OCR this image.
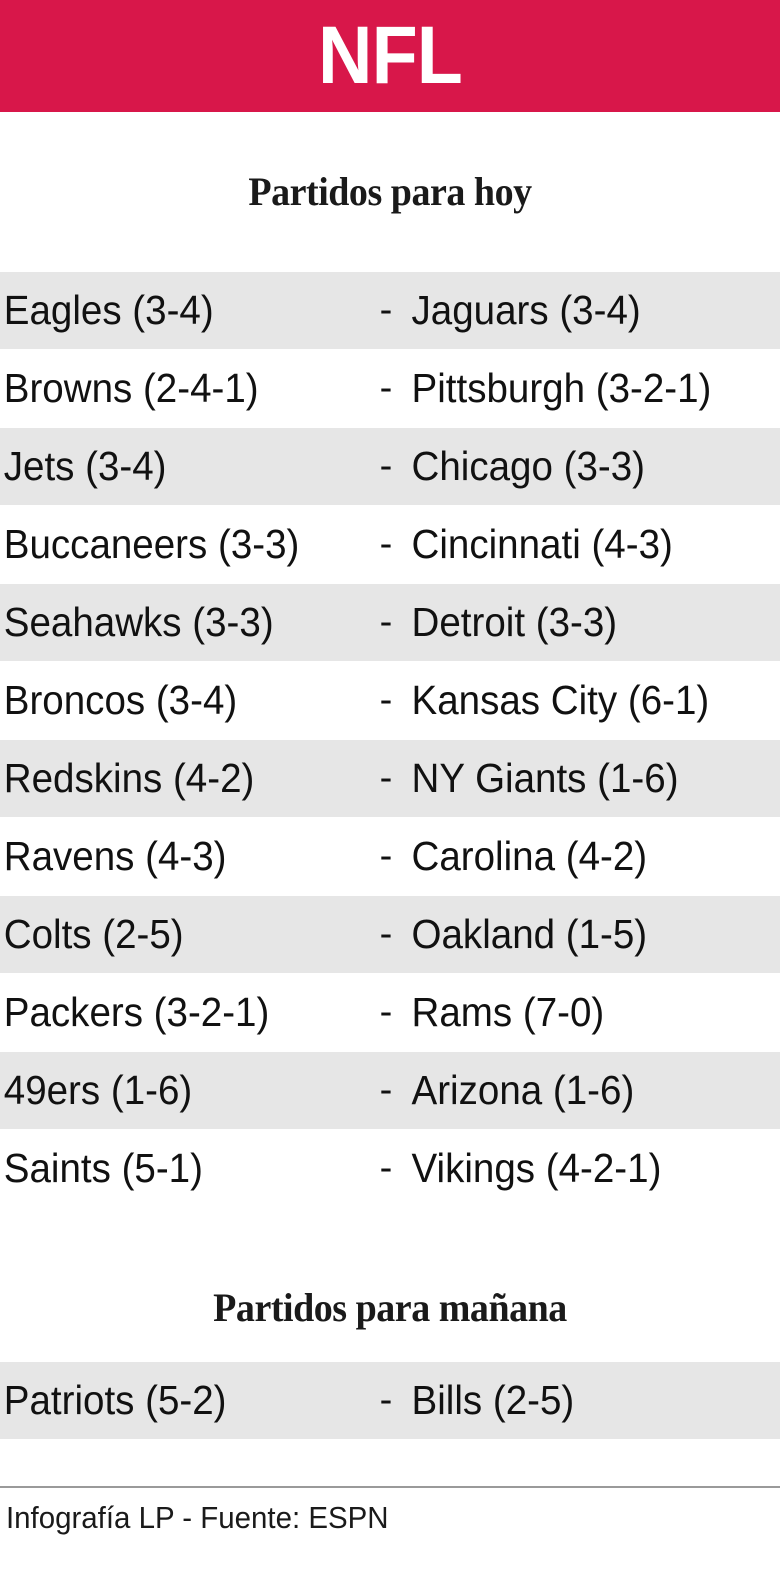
NFL
Partidos para hoy
Eagles (3-4)	- Jaguars (3-4)
Browns (2-4-1)	- Pittsburgh (3-2-1)
Jets (3-4)	- Chicago (3-3)
Buccaneers (3-3)	- Cincinnati (4-3)
Seahawks (3-3)	- Detroit (3-3)
Broncos (3-4)	- Kansas City (6-1)
Redskins (4-2)	- NY Giants (1-6)
Ravens (4-3)	- Carolina (4-2)
Colts (2-5)	- Oakland (1-5)
Packers (3-2-1)	- Rams (7-0)
49ers (1-6)	- Arizona (1-6)
Saints (5-1)	- Vikings (4-2-1)
Partidos para mañana
Patriots (5-2)	- Bills (2-5)
Infografía LP - Fuente: ESPN
